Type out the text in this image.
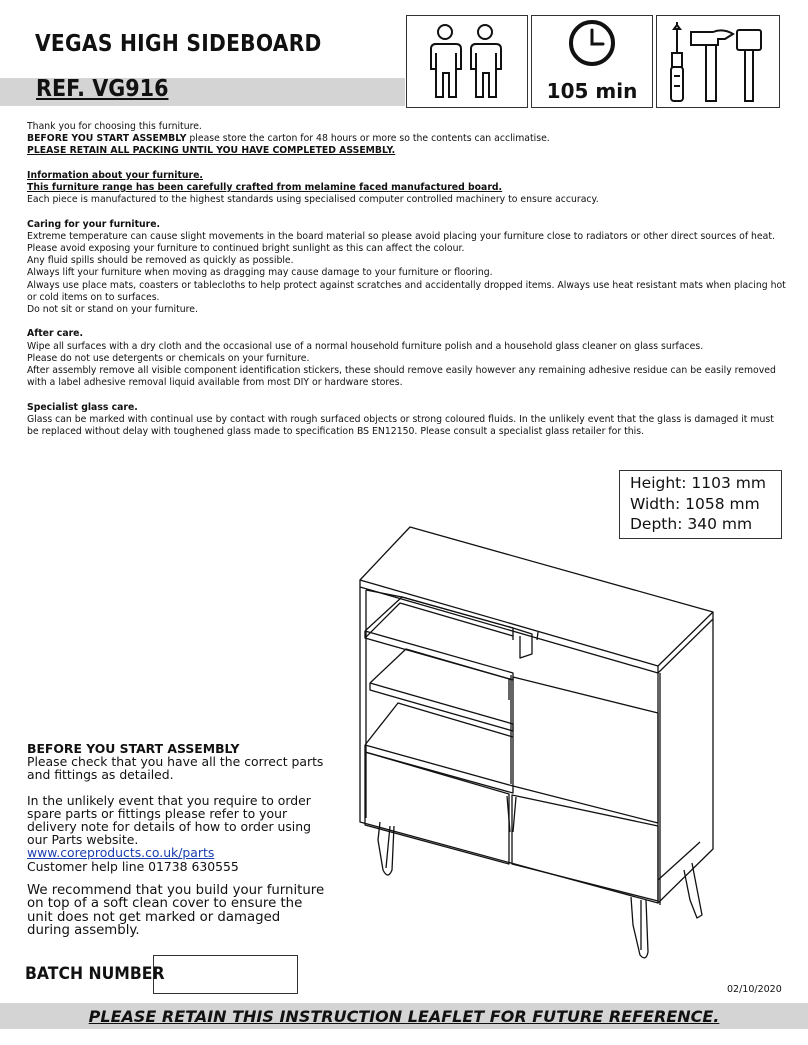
VEGAS HIGH SIDEBOARD
REF. VG916	105 min

Thank you for choosing this furniture.

BEFORE YOU START ASSEMBLY please store the carton for 48 hours or more so the contents can acclimatise.

PLEASE RETAIN ALL PACKING UNTIL YOU HAVE COMPLETED ASSEMBLY.

Information about your furniture.

This furniture range has been carefully crafted from melamine faced manufactured board.

Each piece is manufactured to the highest standards using specialised computer controlled machinery to ensure accuracy.

Caring for your furniture.

Extreme temperature can cause slight movements in the board material so please avoid placing your furniture close to radiators or other direct sources of heat.

Please avoid exposing your furniture to continued bright sunlight as this can affect the colour.

Any fluid spills should be removed as quickly as possible.

Always lift your furniture when moving as dragging may cause damage to your furniture or flooring.

Always use place mats, coasters or tablecloths to help protect against scratches and accidentally dropped items. Always use heat resistant mats when placing hot or cold items on to surfaces.

Do not sit or stand on your furniture.

After care.

Wipe all surfaces with a dry cloth and the occasional use of a normal household furniture polish and a household glass cleaner on glass surfaces.

Please do not use detergents or chemicals on your furniture.

After assembly remove all visible component identification stickers, these should remove easily however any remaining adhesive residue can be easily removed with a label adhesive removal liquid available from most DIY or hardware stores.

Specialist glass care.

Glass can be marked with continual use by contact with rough surfaced objects or strong coloured fluids. In the unlikely event that the glass is damaged it must be replaced without delay with toughened glass made to specification BS EN12150. Please consult a specialist glass retailer for this.

Height: 1103 mm
Width: 1058 mm
Depth: 340 mm

BEFORE YOU START ASSEMBLY

Please check that you have all the correct parts and fittings as detailed.

In the unlikely event that you require to order spare parts or fittings please refer to your delivery note for details of how to order using our Parts website.

www.coreproducts.co.uk/parts

Customer help line 01738 630555

We recommend that you build your furniture on top of a soft clean cover to ensure the unit does not get marked or damaged during assembly.

BATCH NUMBER
02/10/2020
PLEASE RETAIN THIS INSTRUCTION LEAFLET FOR FUTURE REFERENCE.
